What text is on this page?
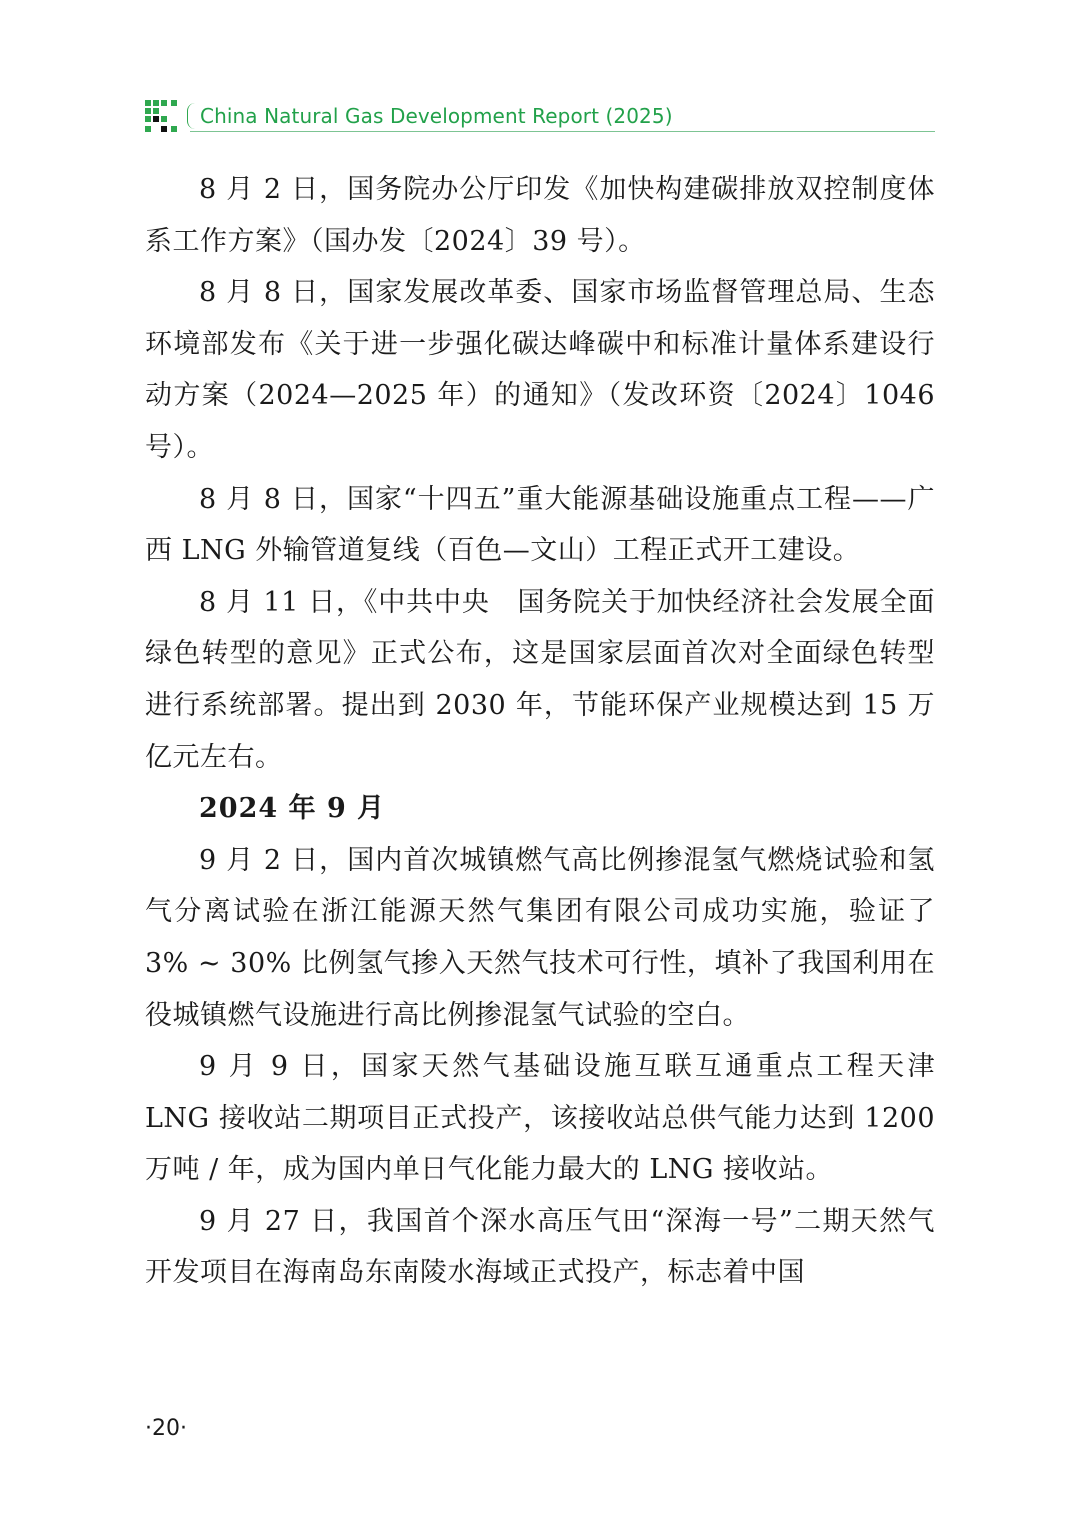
China Natural Gas Development Report (2025)

8 月 2 日，国务院办公厅印发《加快构建碳排放双控制度体系工作方案》（国办发〔2024〕39 号）。

8 月 8 日，国家发展改革委、国家市场监督管理总局、生态环境部发布《关于进一步强化碳达峰碳中和标准计量体系建设行动方案（2024—2025 年）的通知》（发改环资〔2024〕1046 号）。

8 月 8 日，国家“十四五”重大能源基础设施重点工程——广西 LNG 外输管道复线（百色—文山）工程正式开工建设。

8 月 11 日，《中共中央　国务院关于加快经济社会发展全面绿色转型的意见》正式公布，这是国家层面首次对全面绿色转型进行系统部署。提出到 2030 年，节能环保产业规模达到 15 万亿元左右。

2024 年 9 月

9 月 2 日，国内首次城镇燃气高比例掺混氢气燃烧试验和氢气分离试验在浙江能源天然气集团有限公司成功实施，验证了 3% ~ 30% 比例氢气掺入天然气技术可行性，填补了我国利用在役城镇燃气设施进行高比例掺混氢气试验的空白。

9 月 9 日，国家天然气基础设施互联互通重点工程天津 LNG 接收站二期项目正式投产，该接收站总供气能力达到 1200 万吨 / 年，成为国内单日气化能力最大的 LNG 接收站。

9 月 27 日，我国首个深水高压气田“深海一号”二期天然气开发项目在海南岛东南陵水海域正式投产，标志着中国

·20·
